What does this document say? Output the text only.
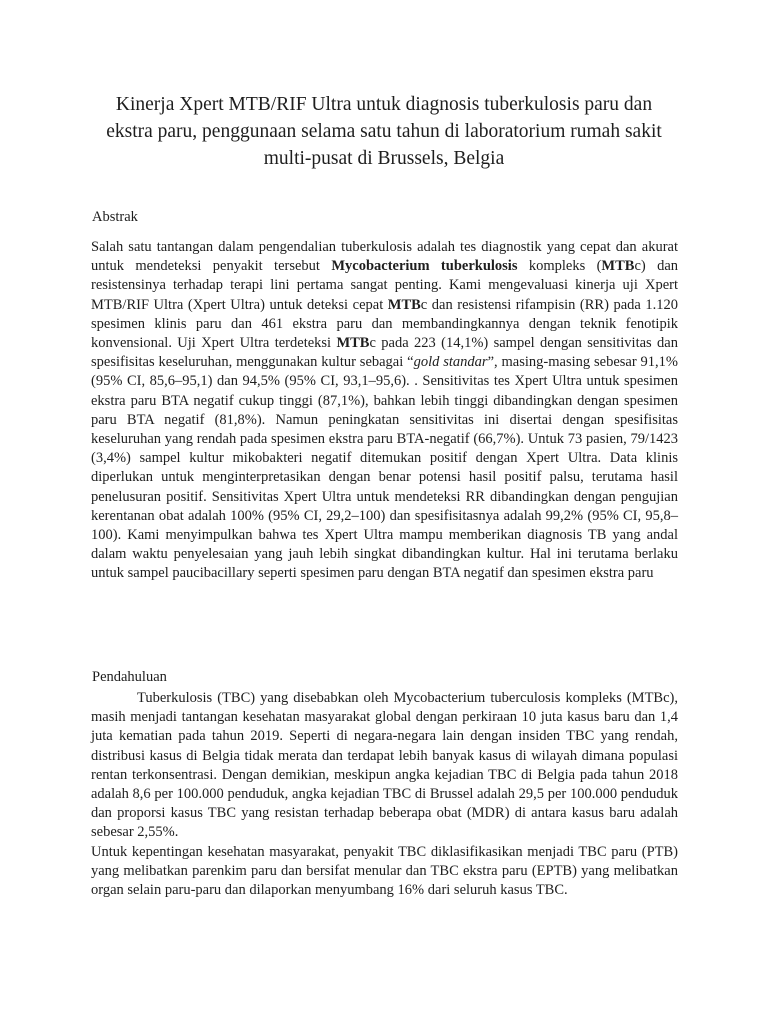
Kinerja Xpert MTB/RIF Ultra untuk diagnosis tuberkulosis paru dan ekstra paru, penggunaan selama satu tahun di laboratorium rumah sakit multi-pusat di Brussels, Belgia

Abstrak

Salah satu tantangan dalam pengendalian tuberkulosis adalah tes diagnostik yang cepat dan akurat untuk mendeteksi penyakit tersebut Mycobacterium tuberkulosis kompleks (MTBc) dan resistensinya terhadap terapi lini pertama sangat penting. Kami mengevaluasi kinerja uji Xpert MTB/RIF Ultra (Xpert Ultra) untuk deteksi cepat MTBc dan resistensi rifampisin (RR) pada 1.120 spesimen klinis paru dan 461 ekstra paru dan membandingkannya dengan teknik fenotipik konvensional. Uji Xpert Ultra terdeteksi MTBc pada 223 (14,1%) sampel dengan sensitivitas dan spesifisitas keseluruhan, menggunakan kultur sebagai “gold standar”, masing-masing sebesar 91,1% (95% CI, 85,6–95,1) dan 94,5% (95% CI, 93,1–95,6). . Sensitivitas tes Xpert Ultra untuk spesimen ekstra paru BTA negatif cukup tinggi (87,1%), bahkan lebih tinggi dibandingkan dengan spesimen paru BTA negatif (81,8%). Namun peningkatan sensitivitas ini disertai dengan spesifisitas keseluruhan yang rendah pada spesimen ekstra paru BTA-negatif (66,7%). Untuk 73 pasien, 79/1423 (3,4%) sampel kultur mikobakteri negatif ditemukan positif dengan Xpert Ultra. Data klinis diperlukan untuk menginterpretasikan dengan benar potensi hasil positif palsu, terutama hasil penelusuran positif. Sensitivitas Xpert Ultra untuk mendeteksi RR dibandingkan dengan pengujian kerentanan obat adalah 100% (95% CI, 29,2–100) dan spesifisitasnya adalah 99,2% (95% CI, 95,8– 100). Kami menyimpulkan bahwa tes Xpert Ultra mampu memberikan diagnosis TB yang andal dalam waktu penyelesaian yang jauh lebih singkat dibandingkan kultur. Hal ini terutama berlaku untuk sampel paucibacillary seperti spesimen paru dengan BTA negatif dan spesimen ekstra paru

Pendahuluan

Tuberkulosis (TBC) yang disebabkan oleh Mycobacterium tuberculosis kompleks (MTBc), masih menjadi tantangan kesehatan masyarakat global dengan perkiraan 10 juta kasus baru dan 1,4 juta kematian pada tahun 2019. Seperti di negara-negara lain dengan insiden TBC yang rendah, distribusi kasus di Belgia tidak merata dan terdapat lebih banyak kasus di wilayah dimana populasi rentan terkonsentrasi. Dengan demikian, meskipun angka kejadian TBC di Belgia pada tahun 2018 adalah 8,6 per 100.000 penduduk, angka kejadian TBC di Brussel adalah 29,5 per 100.000 penduduk dan proporsi kasus TBC yang resistan terhadap beberapa obat (MDR) di antara kasus baru adalah sebesar 2,55%.

Untuk kepentingan kesehatan masyarakat, penyakit TBC diklasifikasikan menjadi TBC paru (PTB) yang melibatkan parenkim paru dan bersifat menular dan TBC ekstra paru (EPTB) yang melibatkan organ selain paru-paru dan dilaporkan menyumbang 16% dari seluruh kasus TBC.
